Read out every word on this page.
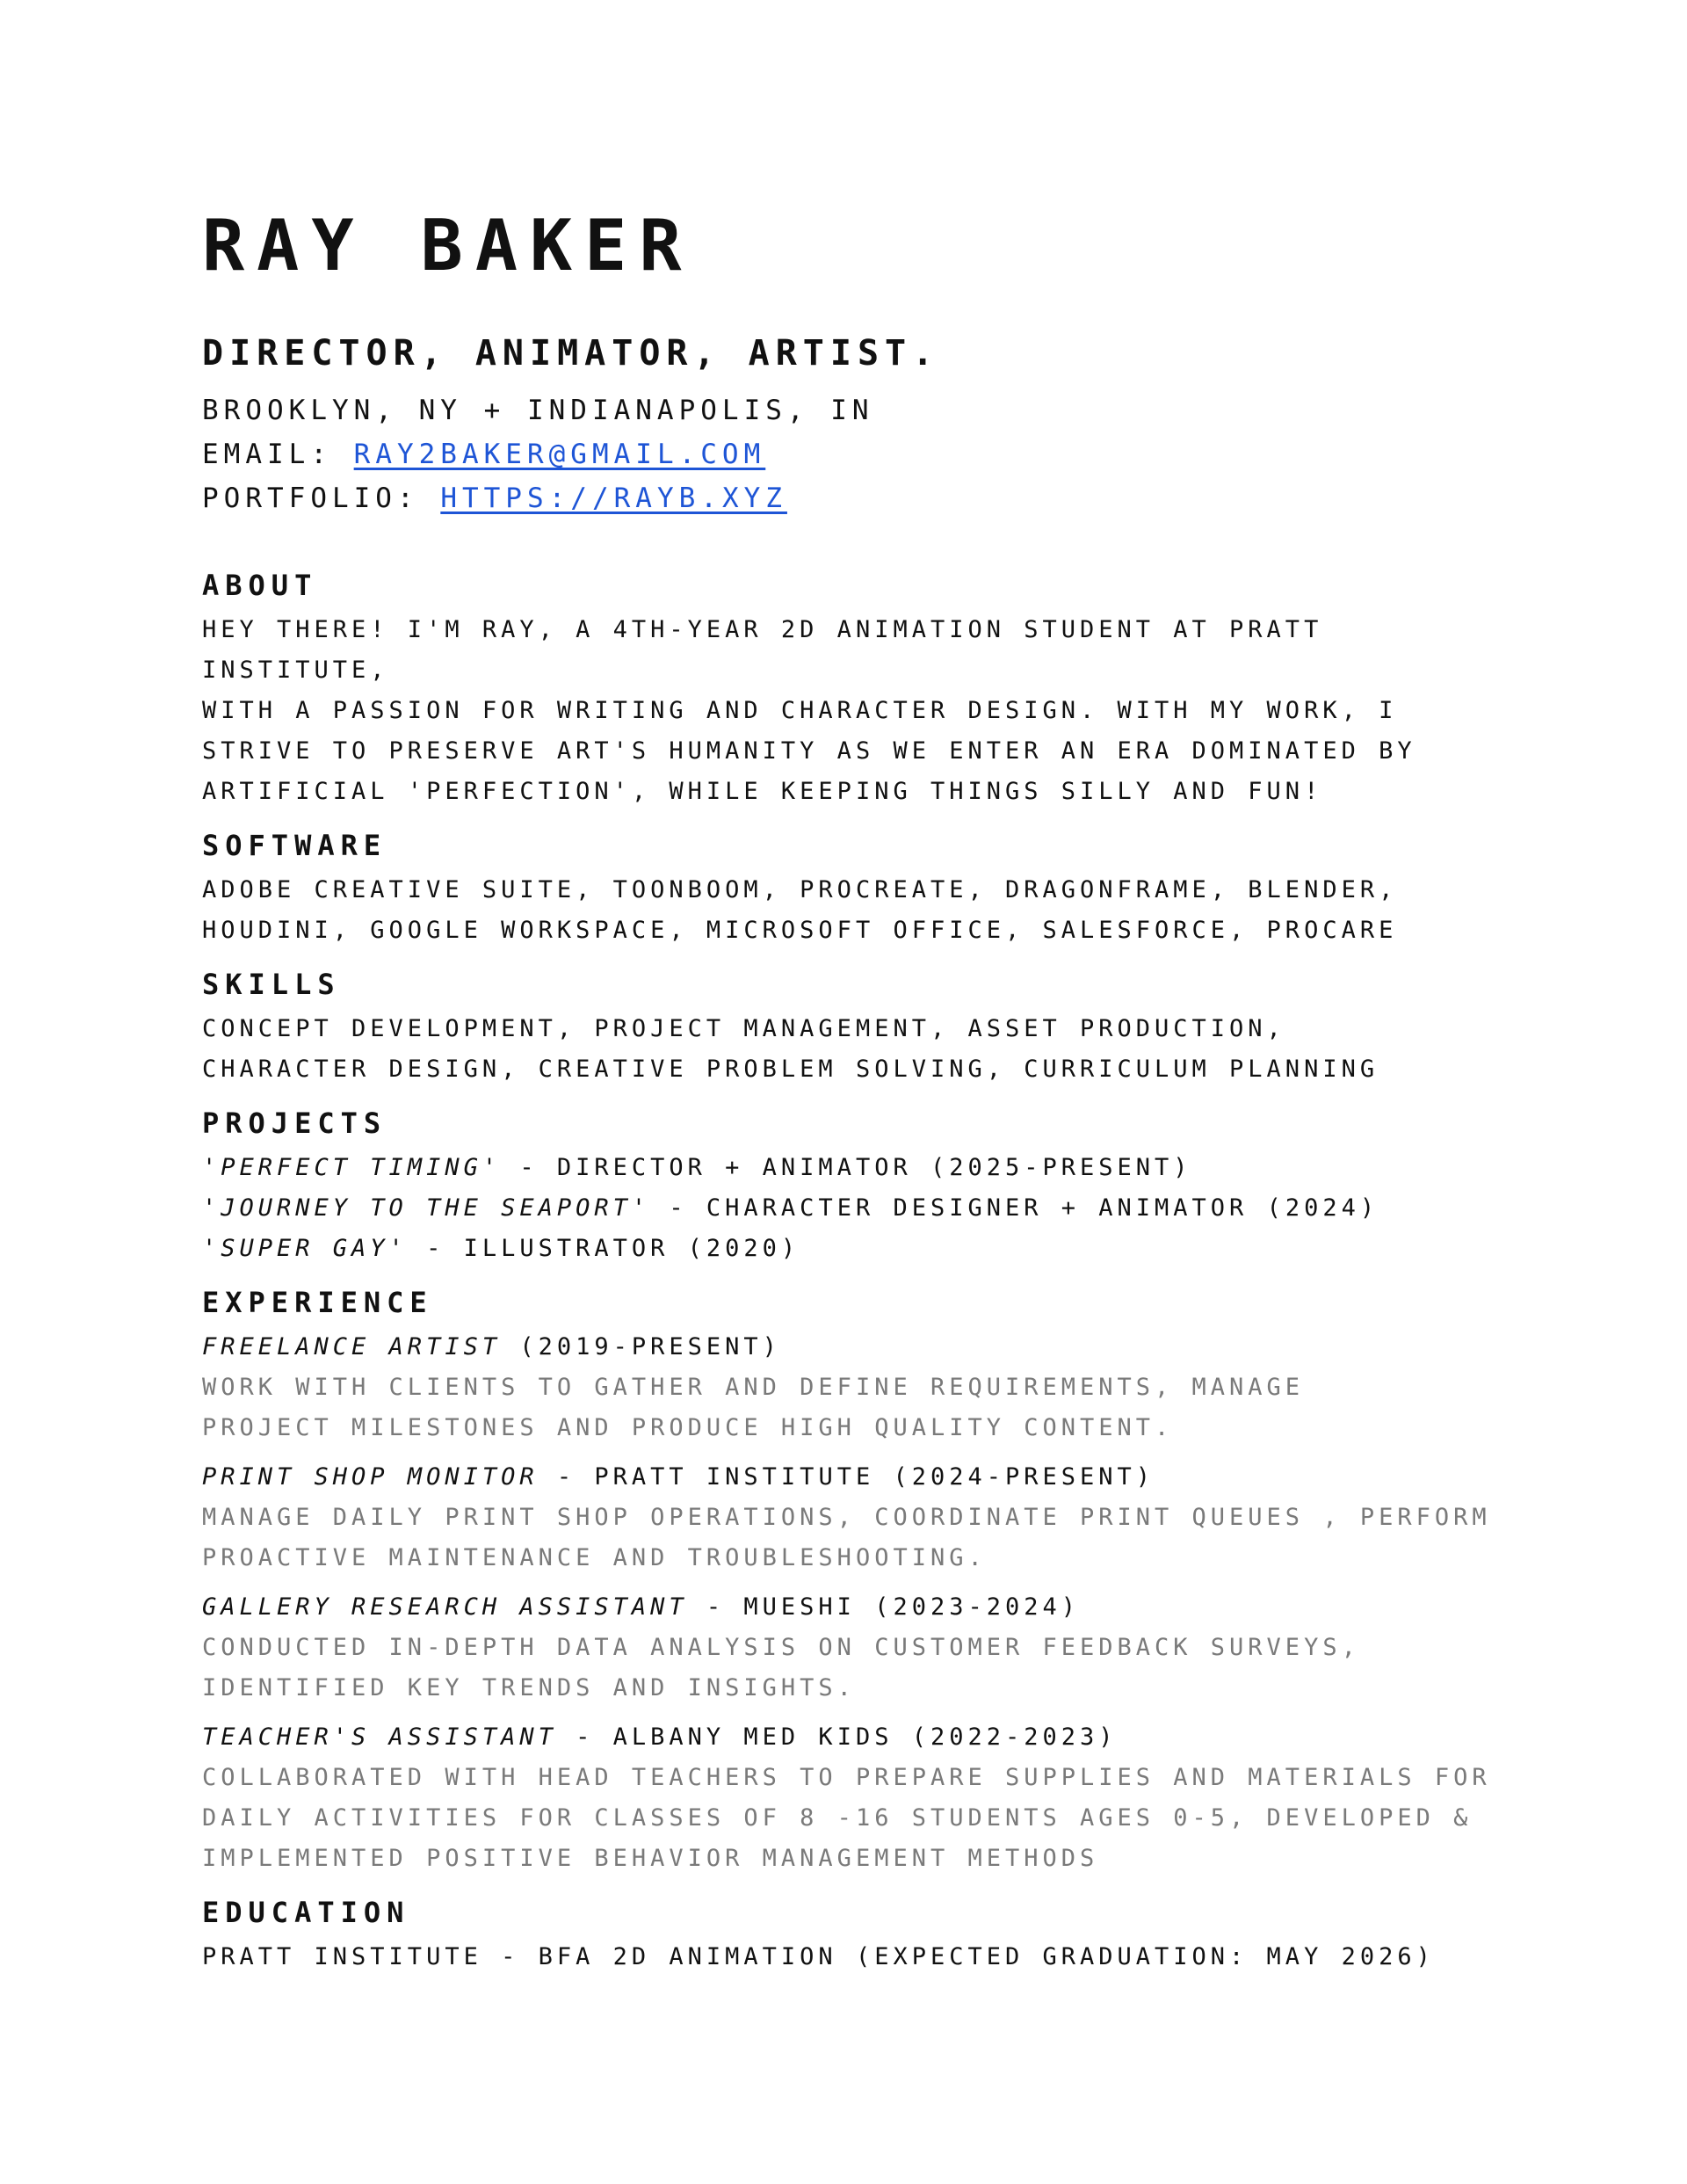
RAY BAKER
DIRECTOR, ANIMATOR, ARTIST.
BROOKLYN, NY + INDIANAPOLIS, IN
EMAIL: RAY2BAKER@GMAIL.COM
PORTFOLIO: HTTPS://RAYB.XYZ
ABOUT
HEY THERE! I'M RAY, A 4TH-YEAR 2D ANIMATION STUDENT AT PRATT INSTITUTE,
WITH A PASSION FOR WRITING AND CHARACTER DESIGN. WITH MY WORK, I
STRIVE TO PRESERVE ART'S HUMANITY AS WE ENTER AN ERA DOMINATED BY
ARTIFICIAL 'PERFECTION', WHILE KEEPING THINGS SILLY AND FUN!
SOFTWARE
ADOBE CREATIVE SUITE, TOONBOOM, PROCREATE, DRAGONFRAME, BLENDER,
HOUDINI, GOOGLE WORKSPACE, MICROSOFT OFFICE, SALESFORCE, PROCARE
SKILLS
CONCEPT DEVELOPMENT, PROJECT MANAGEMENT, ASSET PRODUCTION,
CHARACTER DESIGN, CREATIVE PROBLEM SOLVING, CURRICULUM PLANNING
PROJECTS
'PERFECT TIMING' - DIRECTOR + ANIMATOR (2025-PRESENT)
'JOURNEY TO THE SEAPORT' - CHARACTER DESIGNER + ANIMATOR (2024)
'SUPER GAY' - ILLUSTRATOR (2020)
EXPERIENCE
FREELANCE ARTIST (2019-PRESENT)
WORK WITH CLIENTS TO GATHER AND DEFINE REQUIREMENTS, MANAGE
PROJECT MILESTONES AND PRODUCE HIGH QUALITY CONTENT.
PRINT SHOP MONITOR - PRATT INSTITUTE (2024-PRESENT)
MANAGE DAILY PRINT SHOP OPERATIONS, COORDINATE PRINT QUEUES , PERFORM
PROACTIVE MAINTENANCE AND TROUBLESHOOTING.
GALLERY RESEARCH ASSISTANT - MUESHI (2023-2024)
CONDUCTED IN-DEPTH DATA ANALYSIS ON CUSTOMER FEEDBACK SURVEYS,
IDENTIFIED KEY TRENDS AND INSIGHTS.
TEACHER'S ASSISTANT - ALBANY MED KIDS (2022-2023)
COLLABORATED WITH HEAD TEACHERS TO PREPARE SUPPLIES AND MATERIALS FOR
DAILY ACTIVITIES FOR CLASSES OF 8 -16 STUDENTS AGES 0-5, DEVELOPED &
IMPLEMENTED POSITIVE BEHAVIOR MANAGEMENT METHODS
EDUCATION
PRATT INSTITUTE - BFA 2D ANIMATION (EXPECTED GRADUATION: MAY 2026)
